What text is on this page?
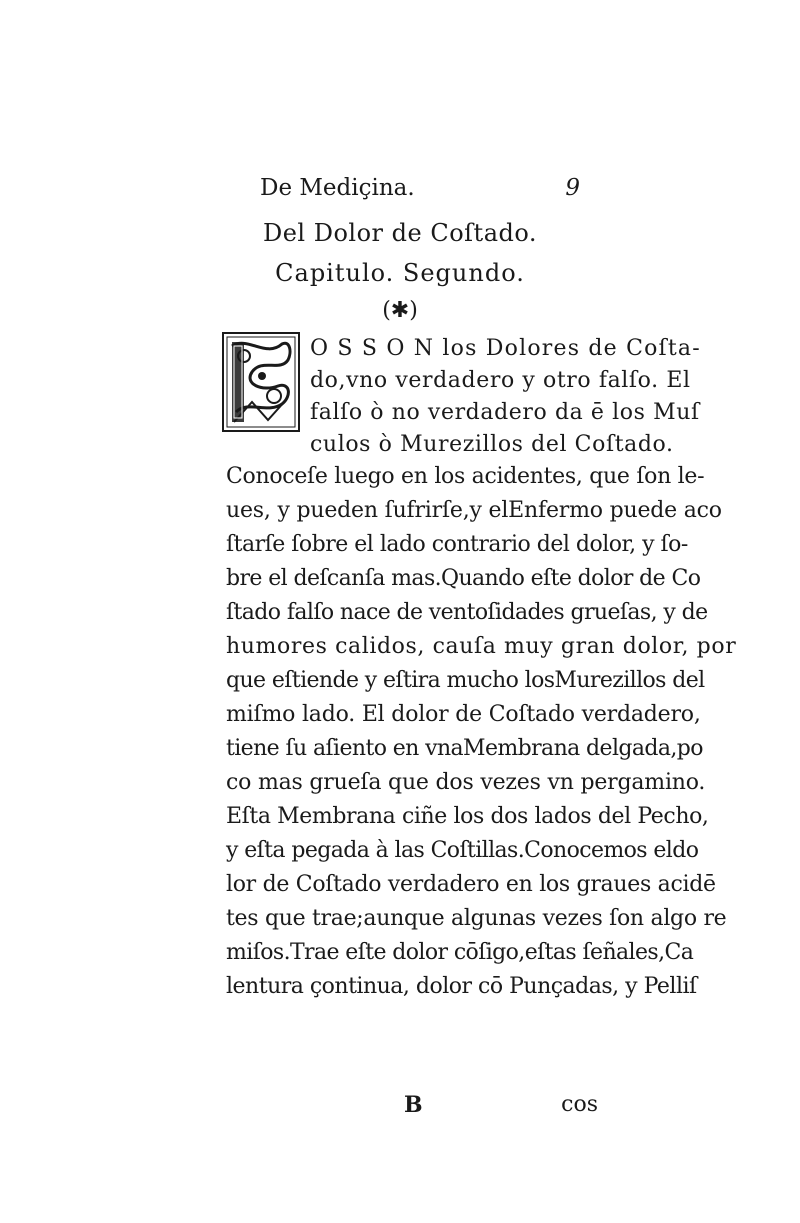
De Mediçina.	9
Del Dolor de Coſtado.
Capitulo. Segundo.
(✱)
O S S O N los Dolores de Coſta-
do,vno verdadero y otro falſo. El
falſo ò no verdadero da ē los Muſ
culos ò Murezillos del Coſtado.
Conoceſe luego en los acidentes, que ſon le-
ues, y pueden ſufrirſe,y elEnfermo puede aco
ſtarſe ſobre el lado contrario del dolor, y ſo-
bre el deſcanſa mas.Quando eſte dolor de Co
ſtado falſo nace de ventoſidades grueſas, y de
humores calidos, cauſa muy gran dolor, por
que eſtiende y eſtira mucho losMurezillos del
miſmo lado. El dolor de Coſtado verdadero,
tiene ſu aſiento en vnaMembrana delgada,po
co mas grueſa que dos vezes vn pergamino.
Eſta Membrana ciñe los dos lados del Pecho,
y eſta pegada à las Coſtillas.Conocemos eldo
lor de Coſtado verdadero en los graues acidē
tes que trae;aunque algunas vezes ſon algo re
miſos.Trae eſte dolor cōſigo,eſtas ſeñales,Ca
lentura çontinua, dolor cō Punçadas, y Pelliſ
B	cos
